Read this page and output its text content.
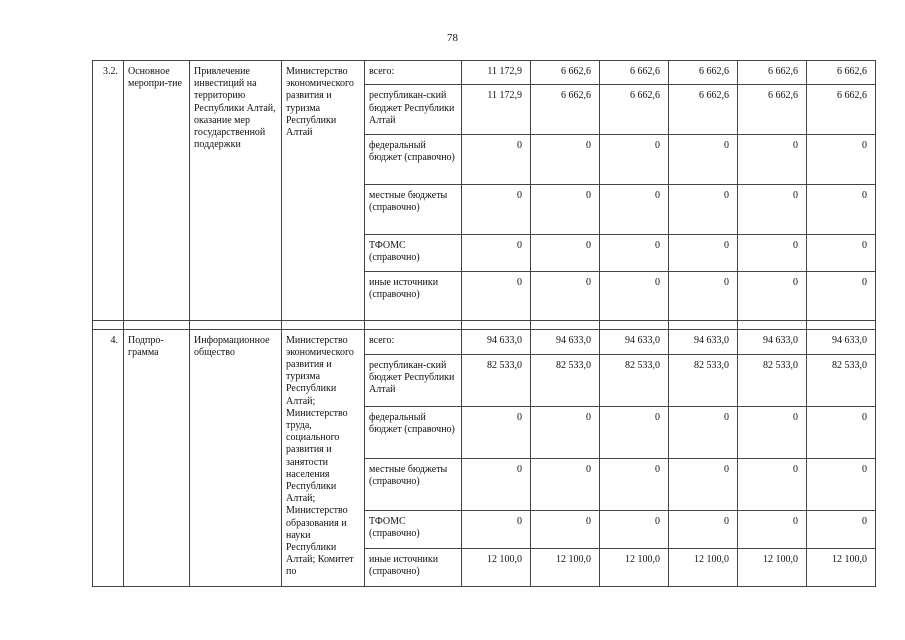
78
3.2.	Основное меропри-тие	Привлечение инвестиций на территорию Республики Алтай, оказание мер государственной поддержки	Министерство экономического развития и туризма Республики Алтай	всего:	11 172,9	6 662,6	6 662,6	6 662,6	6 662,6	6 662,6
				республикан-ский бюджет Республики Алтай	11 172,9	6 662,6	6 662,6	6 662,6	6 662,6	6 662,6
				федеральный бюджет (справочно)	0	0	0	0	0	0
				местные бюджеты (справочно)	0	0	0	0	0	0
				ТФОМС (справочно)	0	0	0	0	0	0
				иные источники (справочно)	0	0	0	0	0	0

4.	Подпро-грамма	Информационное общество	Министерство экономического развития и туризма Республики Алтай; Министерство труда, социального развития и занятости населения Республики Алтай; Министерство образования и науки Республики Алтай; Комитет по	всего:	94 633,0	94 633,0	94 633,0	94 633,0	94 633,0	94 633,0
				республикан-ский бюджет Республики Алтай	82 533,0	82 533,0	82 533,0	82 533,0	82 533,0	82 533,0
				федеральный бюджет (справочно)	0	0	0	0	0	0
				местные бюджеты (справочно)	0	0	0	0	0	0
				ТФОМС (справочно)	0	0	0	0	0	0
				иные источники (справочно)	12 100,0	12 100,0	12 100,0	12 100,0	12 100,0	12 100,0
